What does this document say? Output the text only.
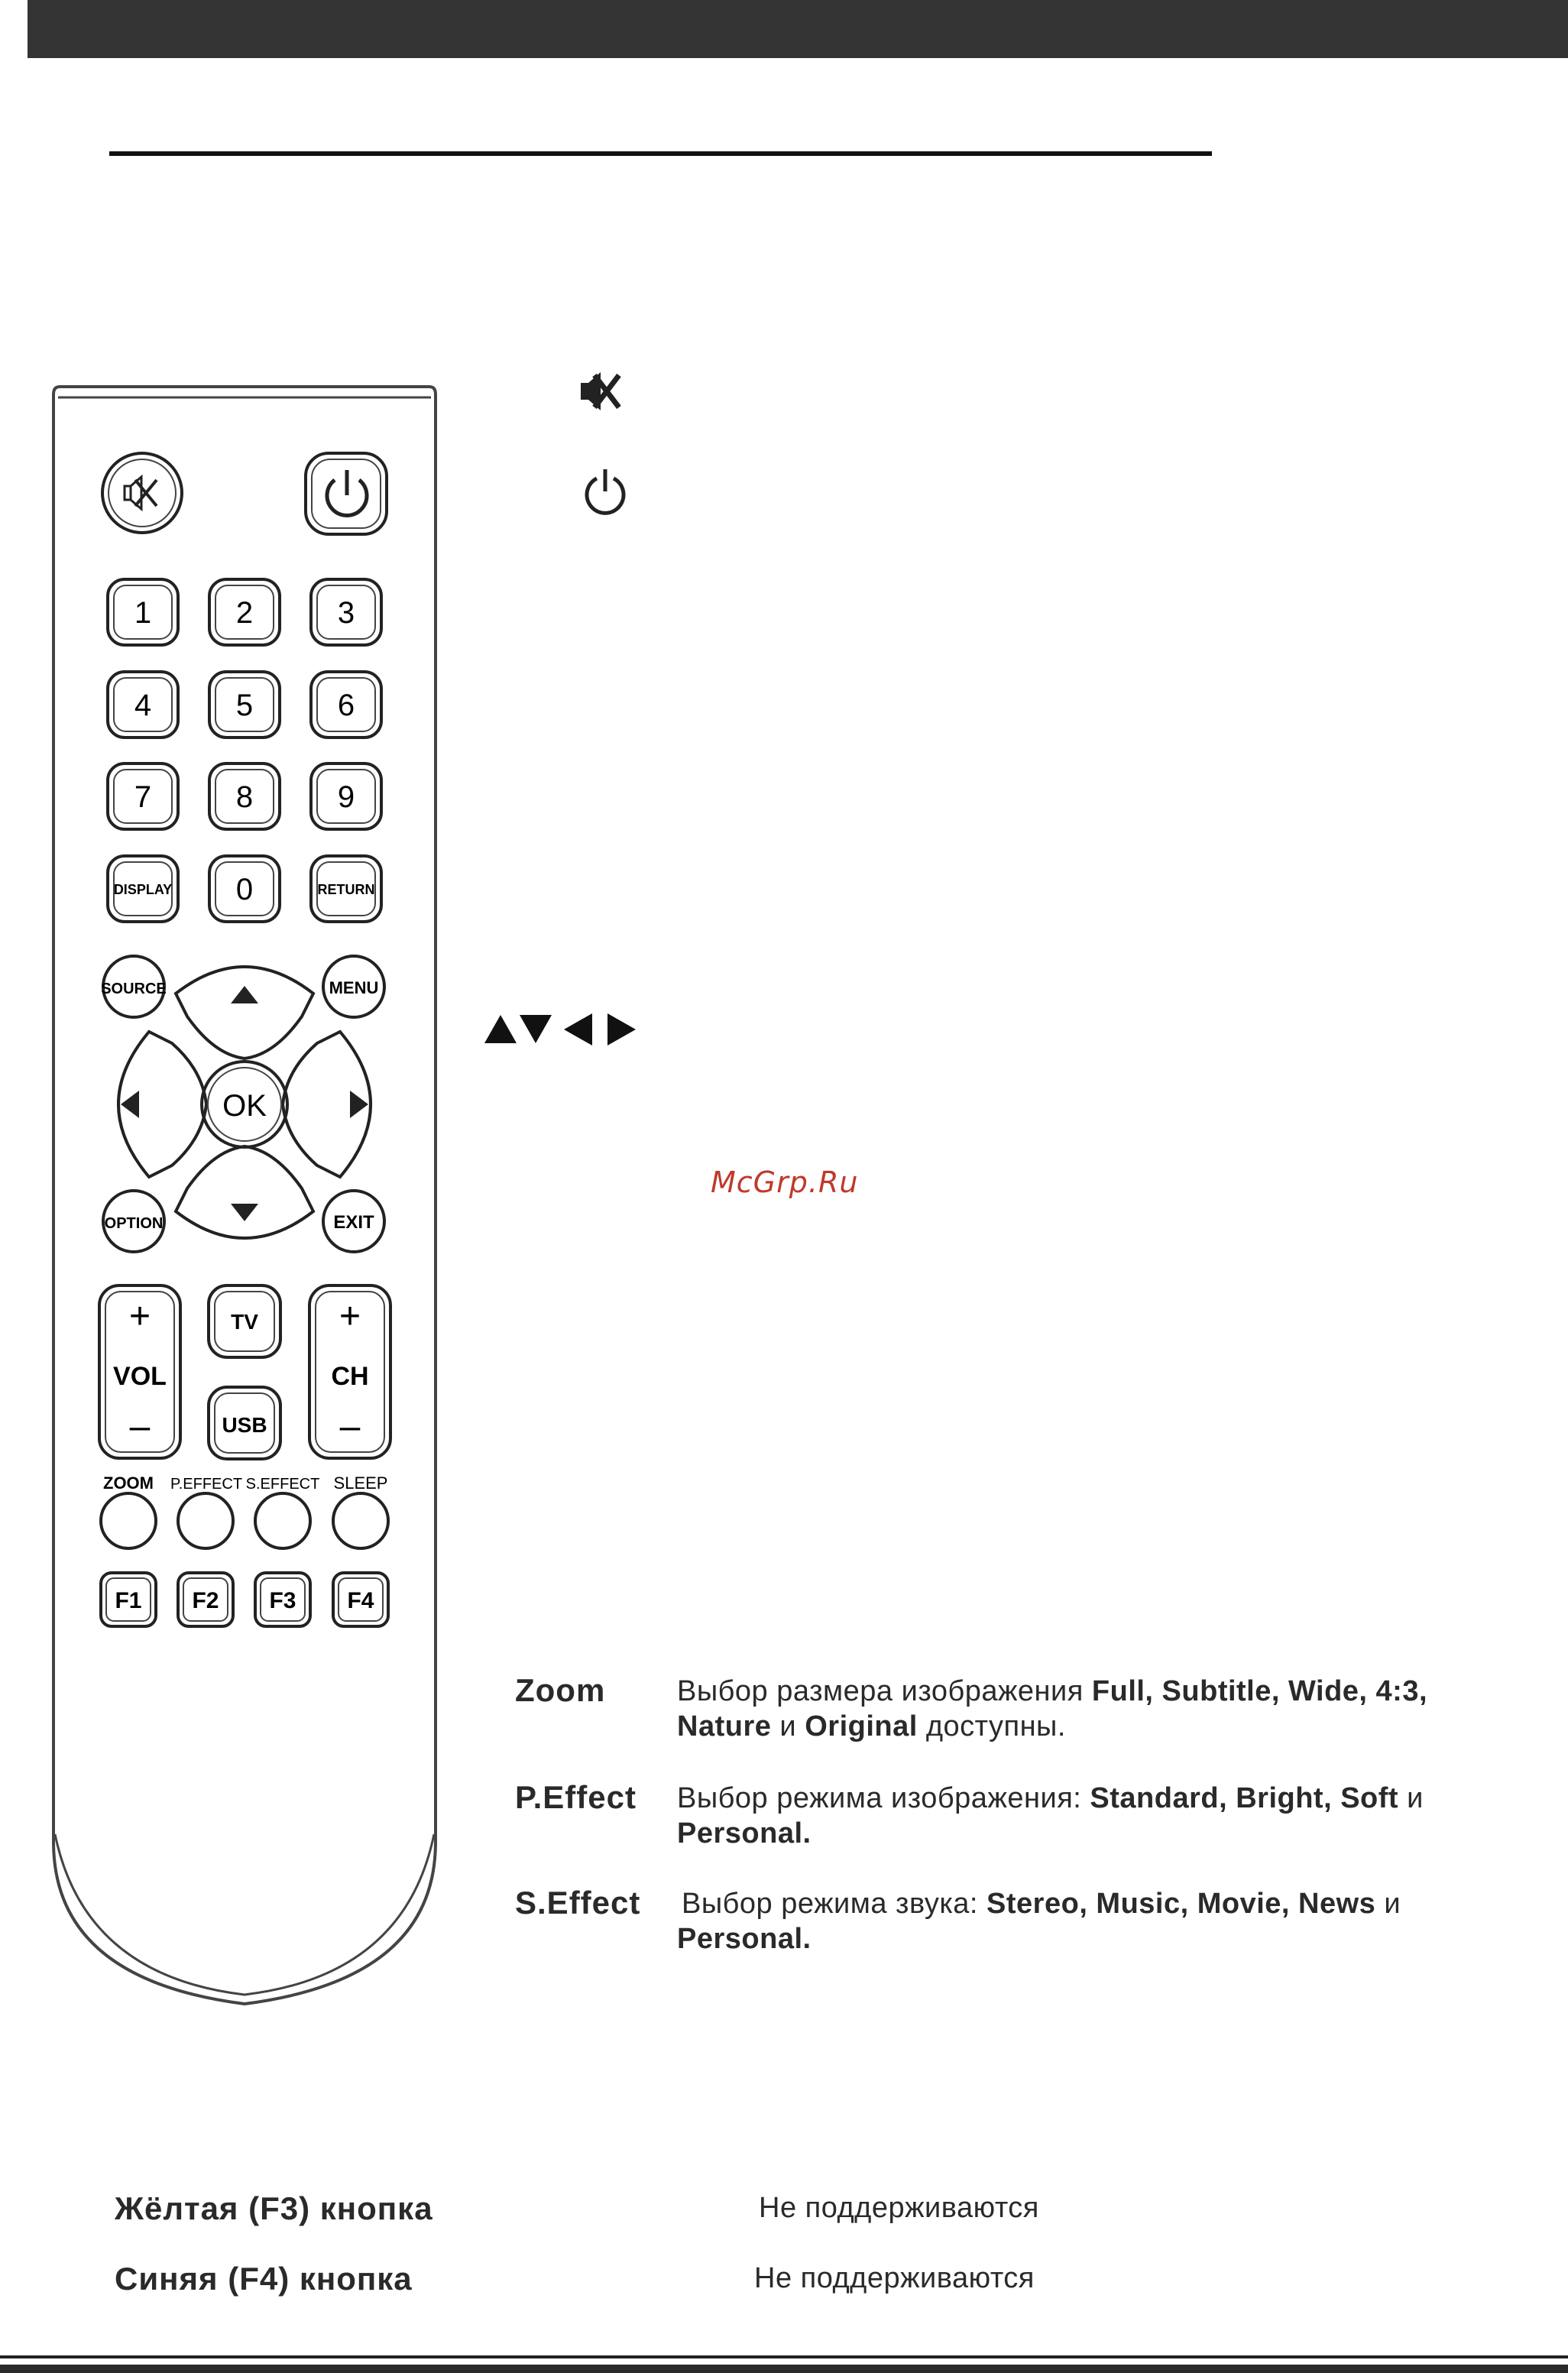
1	2	3
4	5	6
7	8	9
DISPLAY 0	RETURN
SOURCE	MENU
OK
OPTION	EXIT
+
VOL
–
+
CH
–
TV
USB
ZOOM P.EFFECT S.EFFECT SLEEP
F1 F2 F3 F4
McGrp.Ru
Zoom Выбор размера изображения Full, Subtitle, Wide, 4:3,
Nature и Original доступны.
P.Effect Выбор режима изображения: Standard, Bright, Soft и
Personal.
S.Effect Выбор режима звука: Stereo, Music, Movie, News и
Personal.
Жёлтая (F3) кнопка	Не поддерживаются
Синяя (F4) кнопка	Не поддерживаются
